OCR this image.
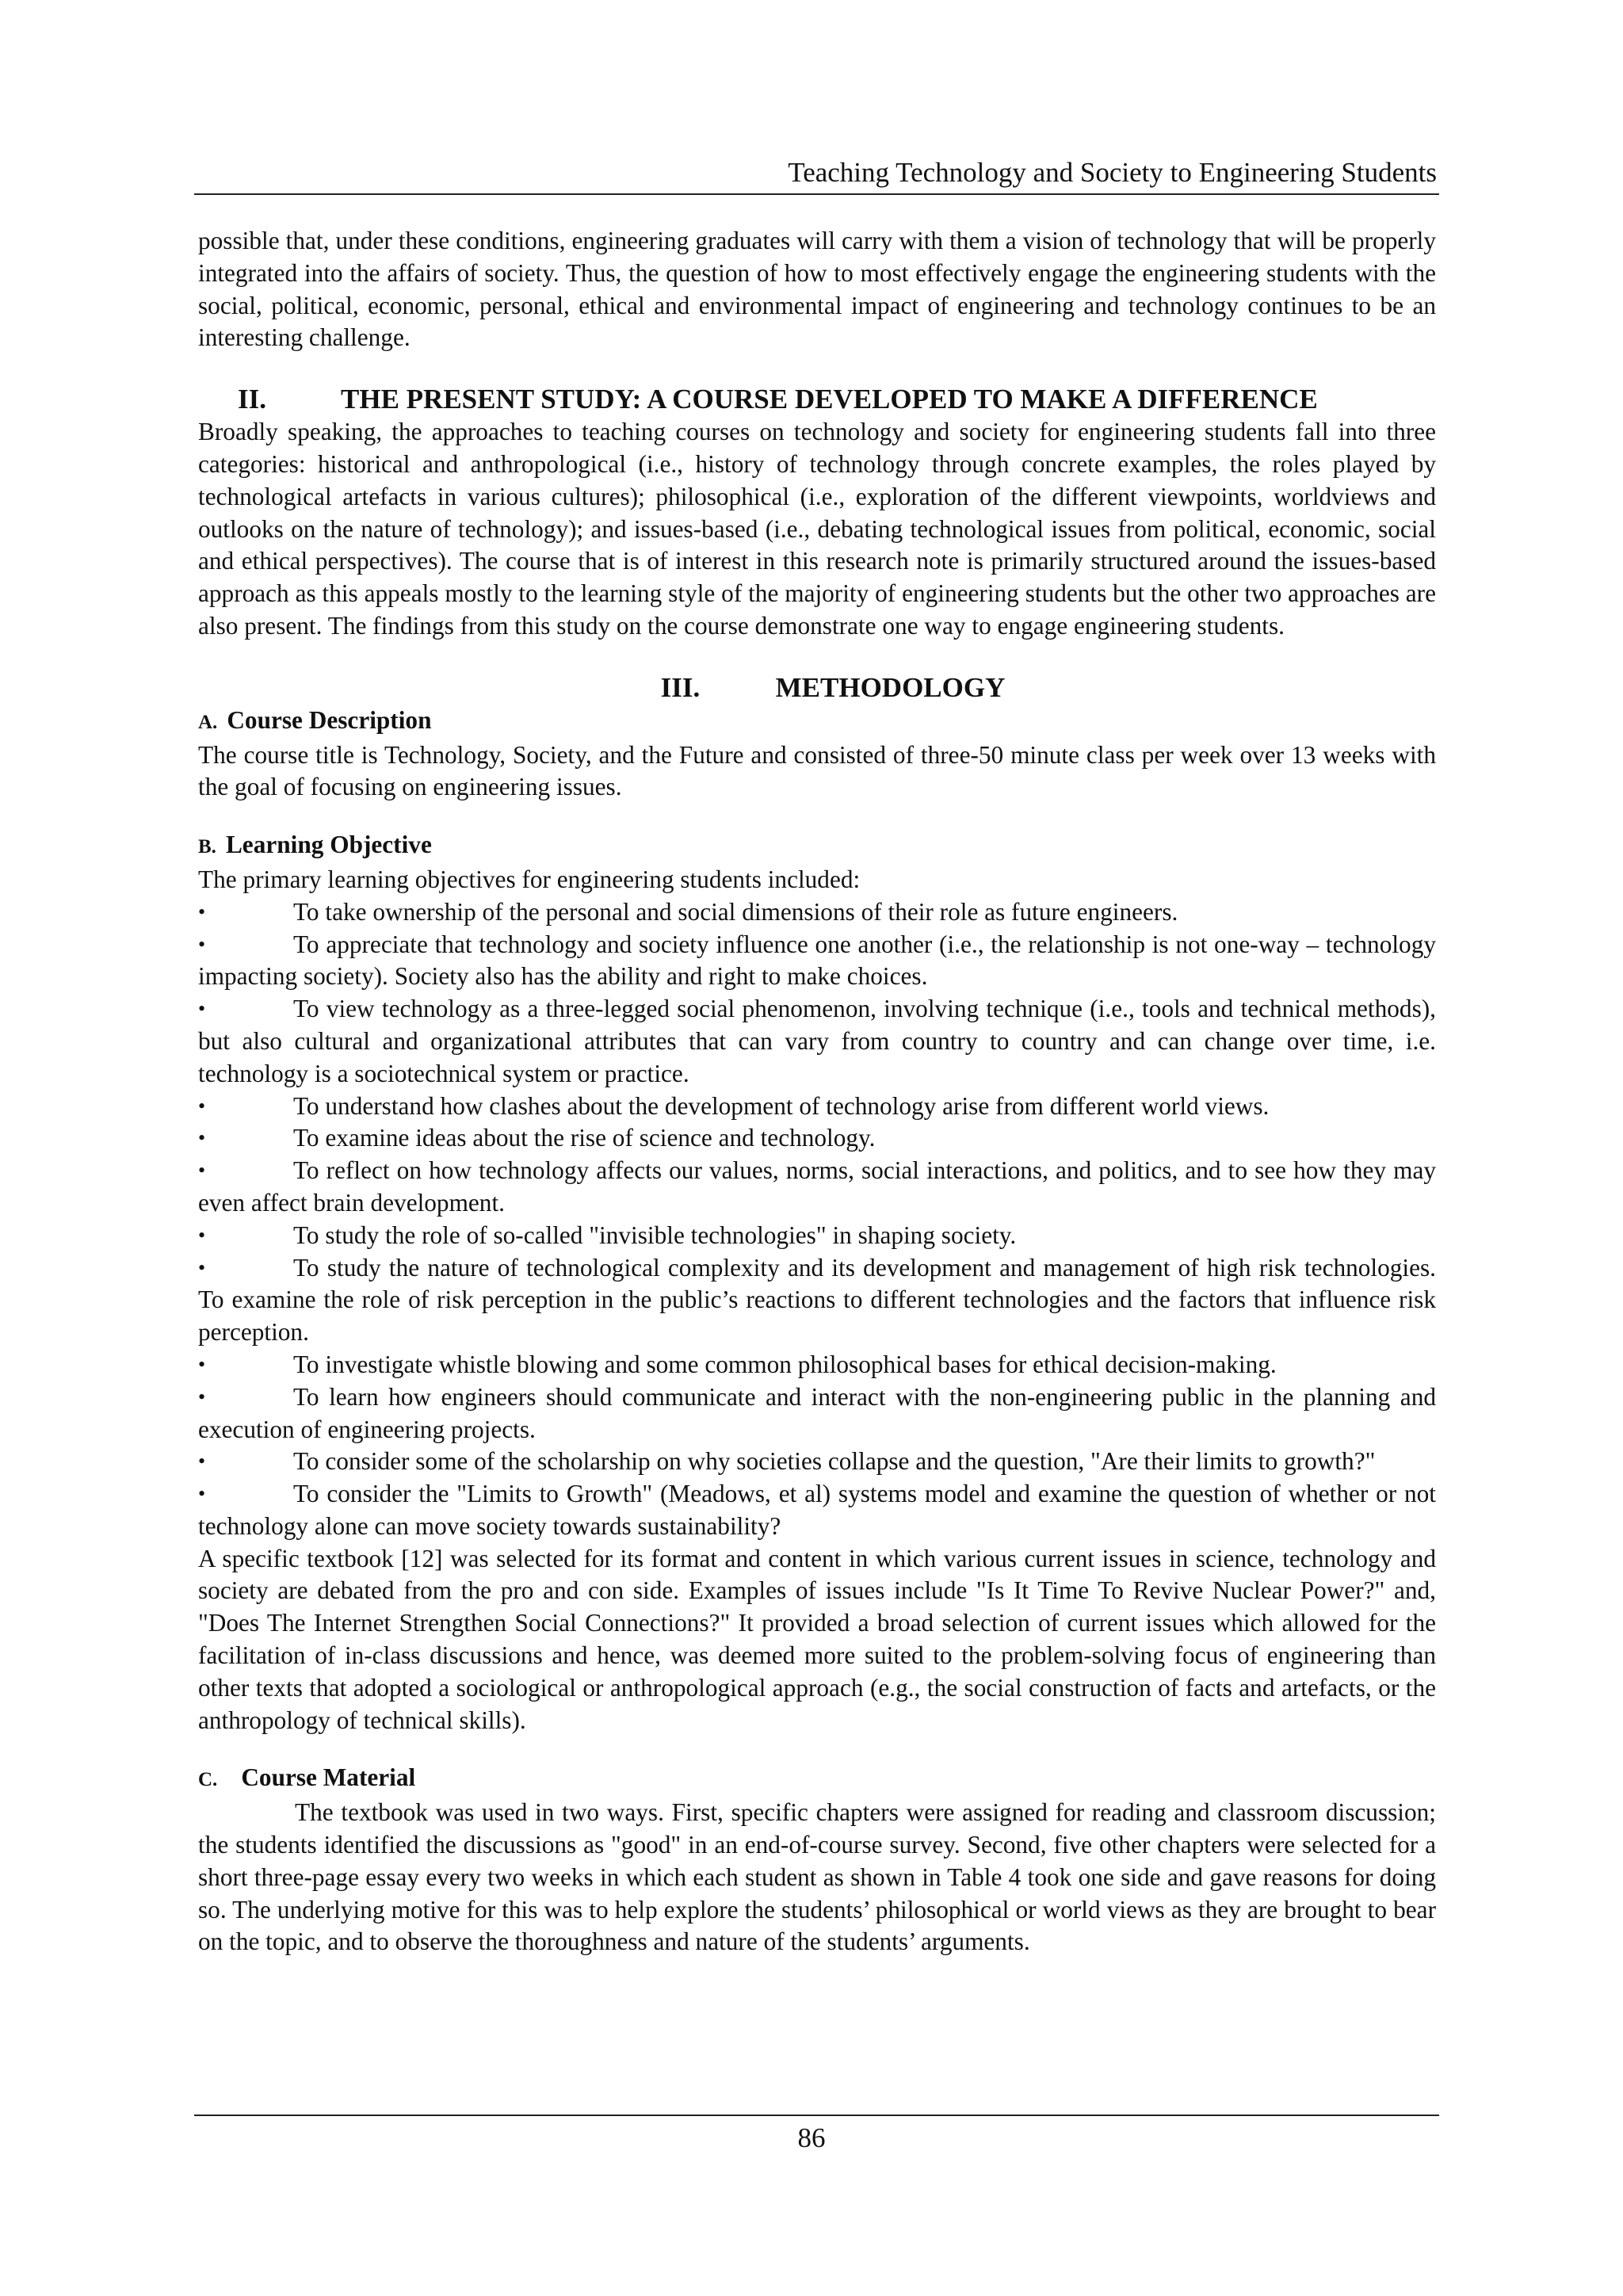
Teaching Technology and Society to Engineering Students

possible that, under these conditions, engineering graduates will carry with them a vision of technology that will be properly integrated into the affairs of society. Thus, the question of how to most effectively engage the engineering students with the social, political, economic, personal, ethical and environmental impact of engineering and technology continues to be an interesting challenge.

II.	THE PRESENT STUDY: A COURSE DEVELOPED TO MAKE A DIFFERENCE

Broadly speaking, the approaches to teaching courses on technology and society for engineering students fall into three categories: historical and anthropological (i.e., history of technology through concrete examples, the roles played by technological artefacts in various cultures); philosophical (i.e., exploration of the different viewpoints, worldviews and outlooks on the nature of technology); and issues-based (i.e., debating technological issues from political, economic, social and ethical perspectives). The course that is of interest in this research note is primarily structured around the issues-based approach as this appeals mostly to the learning style of the majority of engineering students but the other two approaches are also present. The findings from this study on the course demonstrate one way to engage engineering students.

III.	METHODOLOGY
A. Course Description

The course title is Technology, Society, and the Future and consisted of three-50 minute class per week over 13 weeks with the goal of focusing on engineering issues.

B. Learning Objective

The primary learning objectives for engineering students included:

•	To take ownership of the personal and social dimensions of their role as future engineers.
•	To appreciate that technology and society influence one another (i.e., the relationship is not one-way – technology impacting society). Society also has the ability and right to make choices.
•	To view technology as a three-legged social phenomenon, involving technique (i.e., tools and technical methods), but also cultural and organizational attributes that can vary from country to country and can change over time, i.e. technology is a sociotechnical system or practice.
•	To understand how clashes about the development of technology arise from different world views.
•	To examine ideas about the rise of science and technology.
•	To reflect on how technology affects our values, norms, social interactions, and politics, and to see how they may even affect brain development.
•	To study the role of so-called "invisible technologies" in shaping society.
•	To study the nature of technological complexity and its development and management of high risk technologies. To examine the role of risk perception in the public’s reactions to different technologies and the factors that influence risk perception.
•	To investigate whistle blowing and some common philosophical bases for ethical decision-making.
•	To learn how engineers should communicate and interact with the non-engineering public in the planning and execution of engineering projects.
•	To consider some of the scholarship on why societies collapse and the question, "Are their limits to growth?"
•	To consider the "Limits to Growth" (Meadows, et al) systems model and examine the question of whether or not technology alone can move society towards sustainability?

A specific textbook [12] was selected for its format and content in which various current issues in science, technology and society are debated from the pro and con side. Examples of issues include "Is It Time To Revive Nuclear Power?" and, "Does The Internet Strengthen Social Connections?" It provided a broad selection of current issues which allowed for the facilitation of in-class discussions and hence, was deemed more suited to the problem-solving focus of engineering than other texts that adopted a sociological or anthropological approach (e.g., the social construction of facts and artefacts, or the anthropology of technical skills).

C. Course Material

The textbook was used in two ways. First, specific chapters were assigned for reading and classroom discussion; the students identified the discussions as "good" in an end-of-course survey. Second, five other chapters were selected for a short three-page essay every two weeks in which each student as shown in Table 4 took one side and gave reasons for doing so. The underlying motive for this was to help explore the students’ philosophical or world views as they are brought to bear on the topic, and to observe the thoroughness and nature of the students’ arguments.

86
